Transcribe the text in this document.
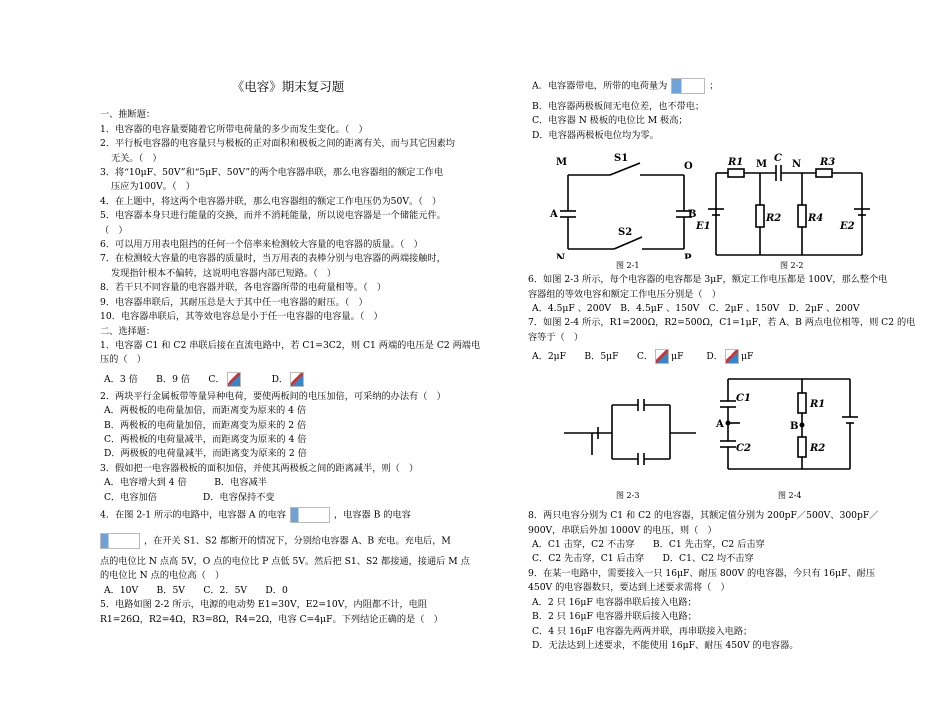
《电容》期末复习题
一、推断题：
1．电容器的电容量要随着它所带电荷量的多少而发生变化。（　）
2．平行板电容器的电容量只与极板的正对面积和极板之间的距离有关，而与其它因素均
无关。（　）
3．将“10μF、50V”和“5μF、50V”的两个电容器串联，那么电容器组的额定工作电
压应为100V。（　）
4．在上题中，将这两个电容器并联，那么电容器组的额定工作电压仍为50V。（　）
5．电容器本身只进行能量的交换，而并不消耗能量，所以说电容器是一个储能元件。
（　）
6．可以用万用表电阻挡的任何一个倍率来检测较大容量的电容器的质量。（　）
7．在检测较大容量的电容器的质量时，当万用表的表棒分别与电容器的两端接触时，
发现指针根本不偏转，这说明电容器内部已短路。（　）
8．若干只不同容量的电容器并联，各电容器所带的电荷量相等。（　）
9．电容器串联后，其耐压总是大于其中任一电容器的耐压。（　）
10．电容器串联后，其等效电容总是小于任一电容器的电容量。（　）
二、选择题：
1．电容器 C1 和 C2 串联后接在直流电路中，若 C1=3C2，则 C1 两端的电压是 C2 两端电
压的（　）
A．3 倍　　B．9 倍　　C．	D．
2．两块平行金属板带等量异种电荷，要使两板间的电压加倍，可采纳的办法有（　）
A．两极板的电荷量加倍，而距离变为原来的 4 倍
B．两极板的电荷量加倍，而距离变为原来的 2 倍
C．两极板的电荷量减半，而距离变为原来的 4 倍
D．两极板的电荷量减半，而距离变为原来的 2 倍
3．假如把一电容器极板的面积加倍，并使其两极板之间的距离减半，则（　）
A．电容增大到 4 倍　　　B．电容减半
C．电容加倍　　　　　D．电容保持不变
4．在图 2-1 所示的电路中，电容器 A 的电容	，电容器 B 的电容
，在开关 S1、S2 都断开的情况下，分别给电容器 A、B 充电。充电后，M
点的电位比 N 点高 5V，O 点的电位比 P 点低 5V。然后把 S1、S2 都接通，接通后 M 点
的电位比 N 点的电位高（　）
A．10V　　B．5V　　C．2．5V　　D．0
5．电路如图 2-2 所示，电源的电动势 E1=30V，E2=10V，内阻都不计，电阻
R1=26Ω，R2=4Ω，R3=8Ω，R4=2Ω，电容 C=4μF。下列结论正确的是（　）
A．电容器带电，所带的电荷量为	；
B．电容器两极板间无电位差，也不带电；
C．电容器 N 极板的电位比 M 极高；
D．电容器两极板电位均为零。
M	S1
O
A	B
N
S2
P
R1 M
C
N R3
E1
R2	R4
E2
图 2-1	图 2-2
6．如图 2-3 所示，每个电容器的电容都是 3μF，额定工作电压都是 100V，那么整个电
容器组的等效电容和额定工作电压分别是（　）
A．4.5μF 、200V　B．4.5μF 、150V　C．2μF 、150V　D．2μF 、200V
7．如图 2-4 所示，R1=200Ω，R2=500Ω，C1=1μF，若 A、B 两点电位相等，则 C2 的电
容等于（　）
A．2μF　　B．5μF　　C． μF D． μF
C1
R1
A	B
C2	R2
图 2-3	图 2-4
8．两只电容分别为 C1 和 C2 的电容器，其额定值分别为 200pF／500V、300pF／
900V，串联后外加 1000V 的电压，则（　）
A．C1 击穿，C2 不击穿　　B．C1 先击穿，C2 后击穿
C．C2 先击穿，C1 后击穿　　D．C1、C2 均不击穿
9．在某一电路中，需要接入一只 16μF、耐压 800V 的电容器，今只有 16μF、耐压
450V 的电容器数只，要达到上述要求需将（　）
A．2 只 16μF 电容器串联后接入电路；
B．2 只 16μF 电容器并联后接入电路；
C．4 只 16μF 电容器先两两并联，再串联接入电路；
D．无法达到上述要求，不能使用 16μF、耐压 450V 的电容器。
